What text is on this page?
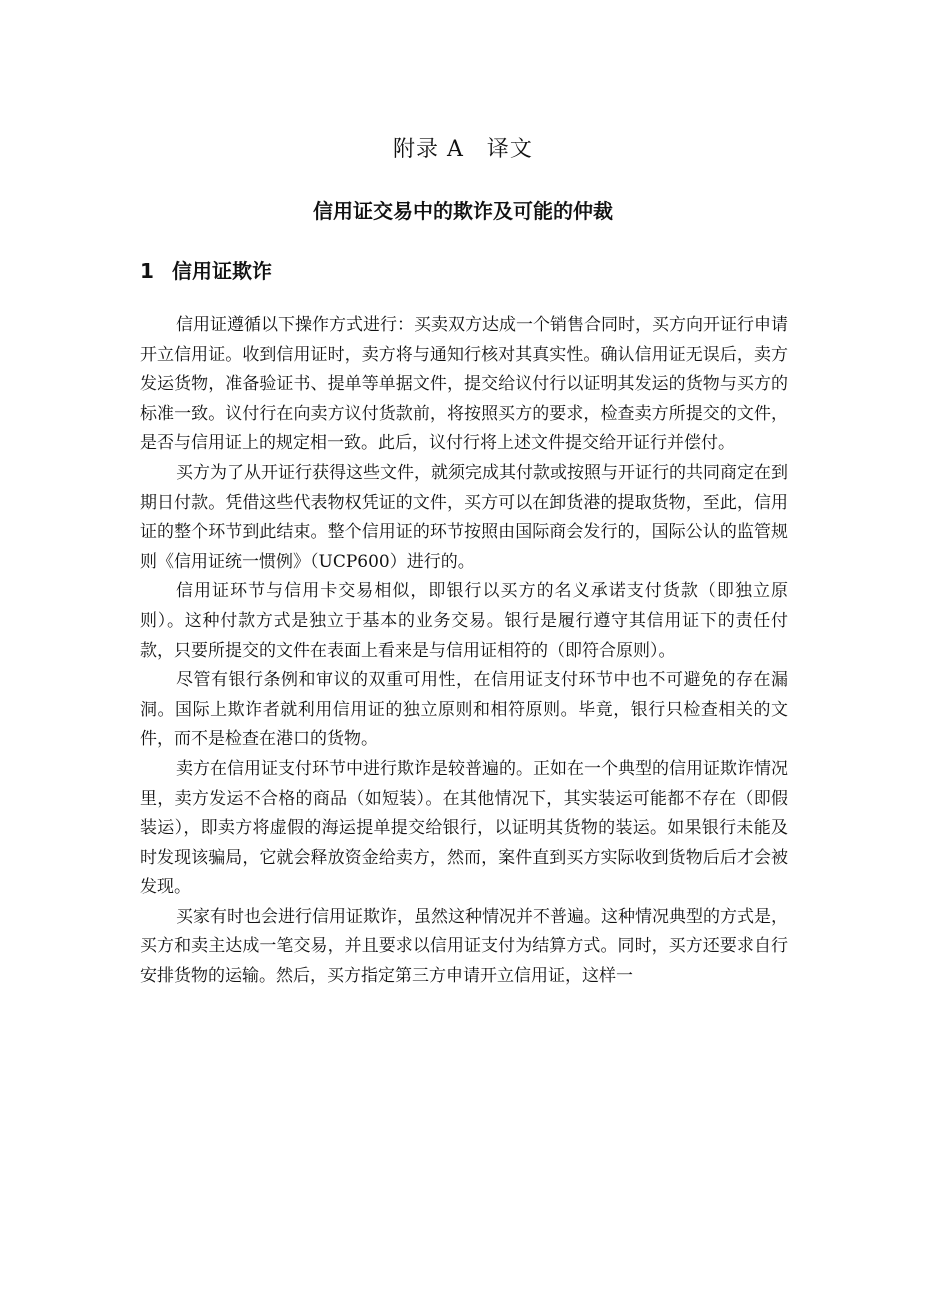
附录 A　译文
信用证交易中的欺诈及可能的仲裁
1 信用证欺诈

信用证遵循以下操作方式进行：买卖双方达成一个销售合同时，买方向开证行申请开立信用证。收到信用证时，卖方将与通知行核对其真实性。确认信用证无误后，卖方发运货物，准备验证书、提单等单据文件，提交给议付行以证明其发运的货物与买方的标准一致。议付行在向卖方议付货款前，将按照买方的要求，检查卖方所提交的文件，是否与信用证上的规定相一致。此后，议付行将上述文件提交给开证行并偿付。

买方为了从开证行获得这些文件，就须完成其付款或按照与开证行的共同商定在到期日付款。凭借这些代表物权凭证的文件，买方可以在卸货港的提取货物，至此，信用证的整个环节到此结束。整个信用证的环节按照由国际商会发行的，国际公认的监管规则《信用证统一惯例》（UCP600）进行的。

信用证环节与信用卡交易相似，即银行以买方的名义承诺支付货款（即独立原则）。这种付款方式是独立于基本的业务交易。银行是履行遵守其信用证下的责任付款，只要所提交的文件在表面上看来是与信用证相符的（即符合原则）。

尽管有银行条例和审议的双重可用性，在信用证支付环节中也不可避免的存在漏洞。国际上欺诈者就利用信用证的独立原则和相符原则。毕竟，银行只检查相关的文件，而不是检查在港口的货物。

卖方在信用证支付环节中进行欺诈是较普遍的。正如在一个典型的信用证欺诈情况里，卖方发运不合格的商品（如短装）。在其他情况下，其实装运可能都不存在（即假装运），即卖方将虚假的海运提单提交给银行，以证明其货物的装运。如果银行未能及时发现该骗局，它就会释放资金给卖方，然而，案件直到买方实际收到货物后后才会被发现。

买家有时也会进行信用证欺诈，虽然这种情况并不普遍。这种情况典型的方式是，买方和卖主达成一笔交易，并且要求以信用证支付为结算方式。同时，买方还要求自行安排货物的运输。然后，买方指定第三方申请开立信用证，这样一
